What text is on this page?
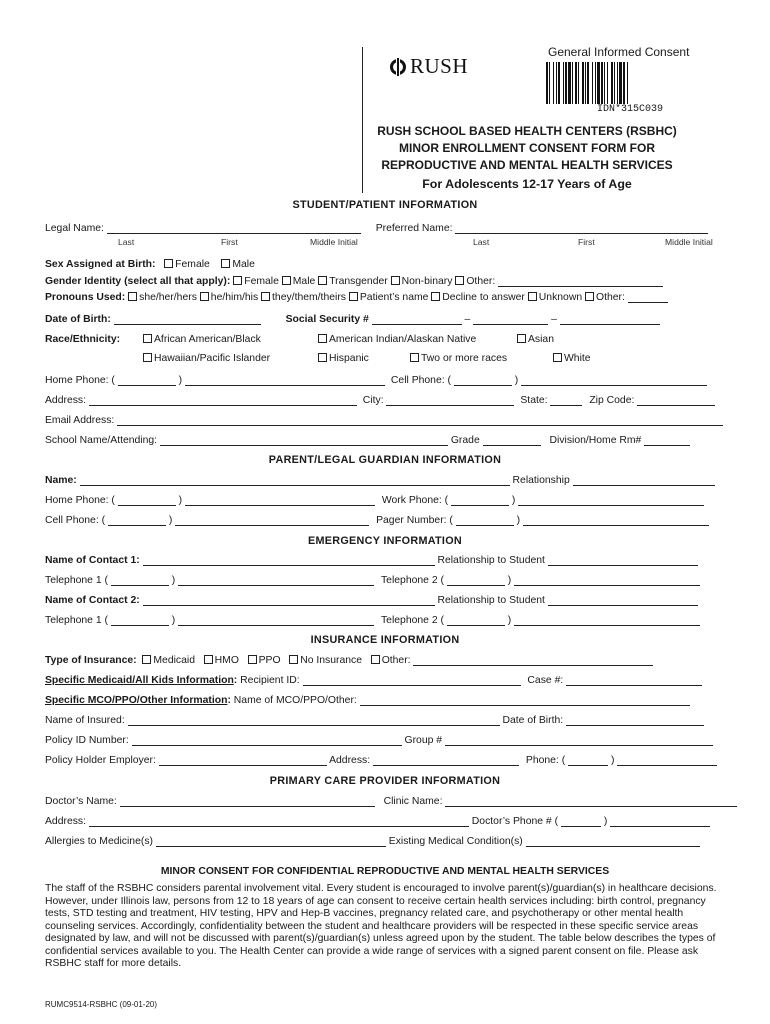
RUSH
General Informed Consent
IDN*315C039
RUSH SCHOOL BASED HEALTH CENTERS (RSBHC)
MINOR ENROLLMENT CONSENT FORM FOR
REPRODUCTIVE AND MENTAL HEALTH SERVICES
For Adolescents 12-17 Years of Age
STUDENT/PATIENT INFORMATION
Legal Name:	Preferred Name:
Last	First	Middle Initial	Last	First	Middle Initial
Sex Assigned at Birth: Female Male
Gender Identity (select all that apply): Female Male Transgender Non-binary Other:
Pronouns Used: she/her/hers he/him/his they/them/theirs Patient’s name Decline to answer Unknown Other:
Date of Birth:	Social Security #	–	–
Race/Ethnicity:	African American/Black	American Indian/Alaskan Native	Asian
Hawaiian/Pacific Islander	Hispanic	Two or more races	White
Home Phone: (	)	Cell Phone: (	)
Address:	City:	State:	Zip Code:
Email Address:
School Name/Attending:	Grade	Division/Home Rm#
PARENT/LEGAL GUARDIAN INFORMATION
Name:	Relationship
Home Phone: (	)	Work Phone: (	)
Cell Phone: (	)	Pager Number: (	)
EMERGENCY INFORMATION
Name of Contact 1:	Relationship to Student
Telephone 1 (	)	Telephone 2 (	)
Name of Contact 2:	Relationship to Student
Telephone 1 (	)	Telephone 2 (	)
INSURANCE INFORMATION
Type of Insurance: Medicaid HMO PPO No Insurance Other:
Specific Medicaid/All Kids Information: Recipient ID:	Case #:
Specific MCO/PPO/Other Information: Name of MCO/PPO/Other:
Name of Insured:	Date of Birth:
Policy ID Number:	Group #
Policy Holder Employer:	Address:	Phone: (	)
PRIMARY CARE PROVIDER INFORMATION
Doctor’s Name:	Clinic Name:
Address:	Doctor’s Phone # (	)
Allergies to Medicine(s)	Existing Medical Condition(s)
MINOR CONSENT FOR CONFIDENTIAL REPRODUCTIVE AND MENTAL HEALTH SERVICES
The staff of the RSBHC considers parental involvement vital. Every student is encouraged to involve parent(s)/guardian(s) in healthcare decisions. However, under Illinois law, persons from 12 to 18 years of age can consent to receive certain health services including: birth control, pregnancy tests, STD testing and treatment, HIV testing, HPV and Hep-B vaccines, pregnancy related care, and psychotherapy or other mental health counseling services. Accordingly, confidentiality between the student and healthcare providers will be respected in these specific service areas designated by law, and will not be discussed with parent(s)/guardian(s) unless agreed upon by the student. The table below describes the types of confidential services available to you. The Health Center can provide a wide range of services with a signed parent consent on file. Please ask RSBHC staff for more details.
RUMC9514-RSBHC (09-01-20)
